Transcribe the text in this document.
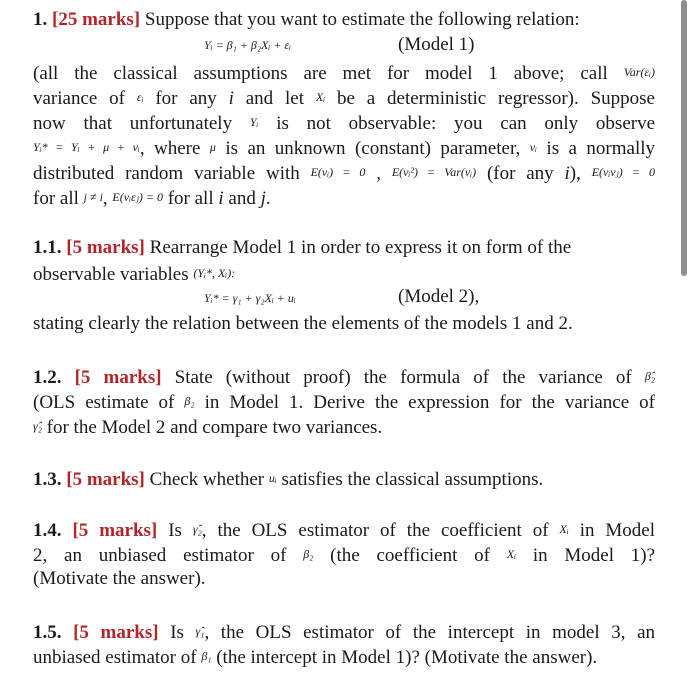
1. [25 marks] Suppose that you want to estimate the following relation:
Yᵢ = β₁ + β₂Xᵢ + εᵢ	(Model 1)
(all the classical assumptions are met for model 1 above; call Var(εᵢ)
variance of εᵢ for any i and let Xᵢ be a deterministic regressor). Suppose
now that unfortunately Yᵢ is not observable: you can only observe
Yᵢ* = Yᵢ + μ + vᵢ, where μ is an unknown (constant) parameter, vᵢ is a normally
distributed random variable with E(vᵢ) = 0 , E(vᵢ²) = Var(vᵢ) (for any i), E(vᵢvⱼ) = 0
for all j ≠ i, E(vᵢεⱼ) = 0 for all i and j.
1.1. [5 marks] Rearrange Model 1 in order to express it on form of the
observable variables (Yᵢ*, Xᵢ):
Yᵢ* = γ₁ + γ₂Xᵢ + uᵢ	(Model 2),
stating clearly the relation between the elements of the models 1 and 2.
1.2. [5 marks] State (without proof) the formula of the variance of β̂₂
(OLS estimate of β₂ in Model 1. Derive the expression for the variance of
γ̂₂ for the Model 2 and compare two variances.
1.3. [5 marks] Check whether uᵢ satisfies the classical assumptions.
1.4. [5 marks] Is γ̂₂, the OLS estimator of the coefficient of Xᵢ in Model
2, an unbiased estimator of β₂ (the coefficient of Xᵢ in Model 1)?
(Motivate the answer).
1.5. [5 marks] Is γ̂₁, the OLS estimator of the intercept in model 3, an
unbiased estimator of β₁ (the intercept in Model 1)? (Motivate the answer).
